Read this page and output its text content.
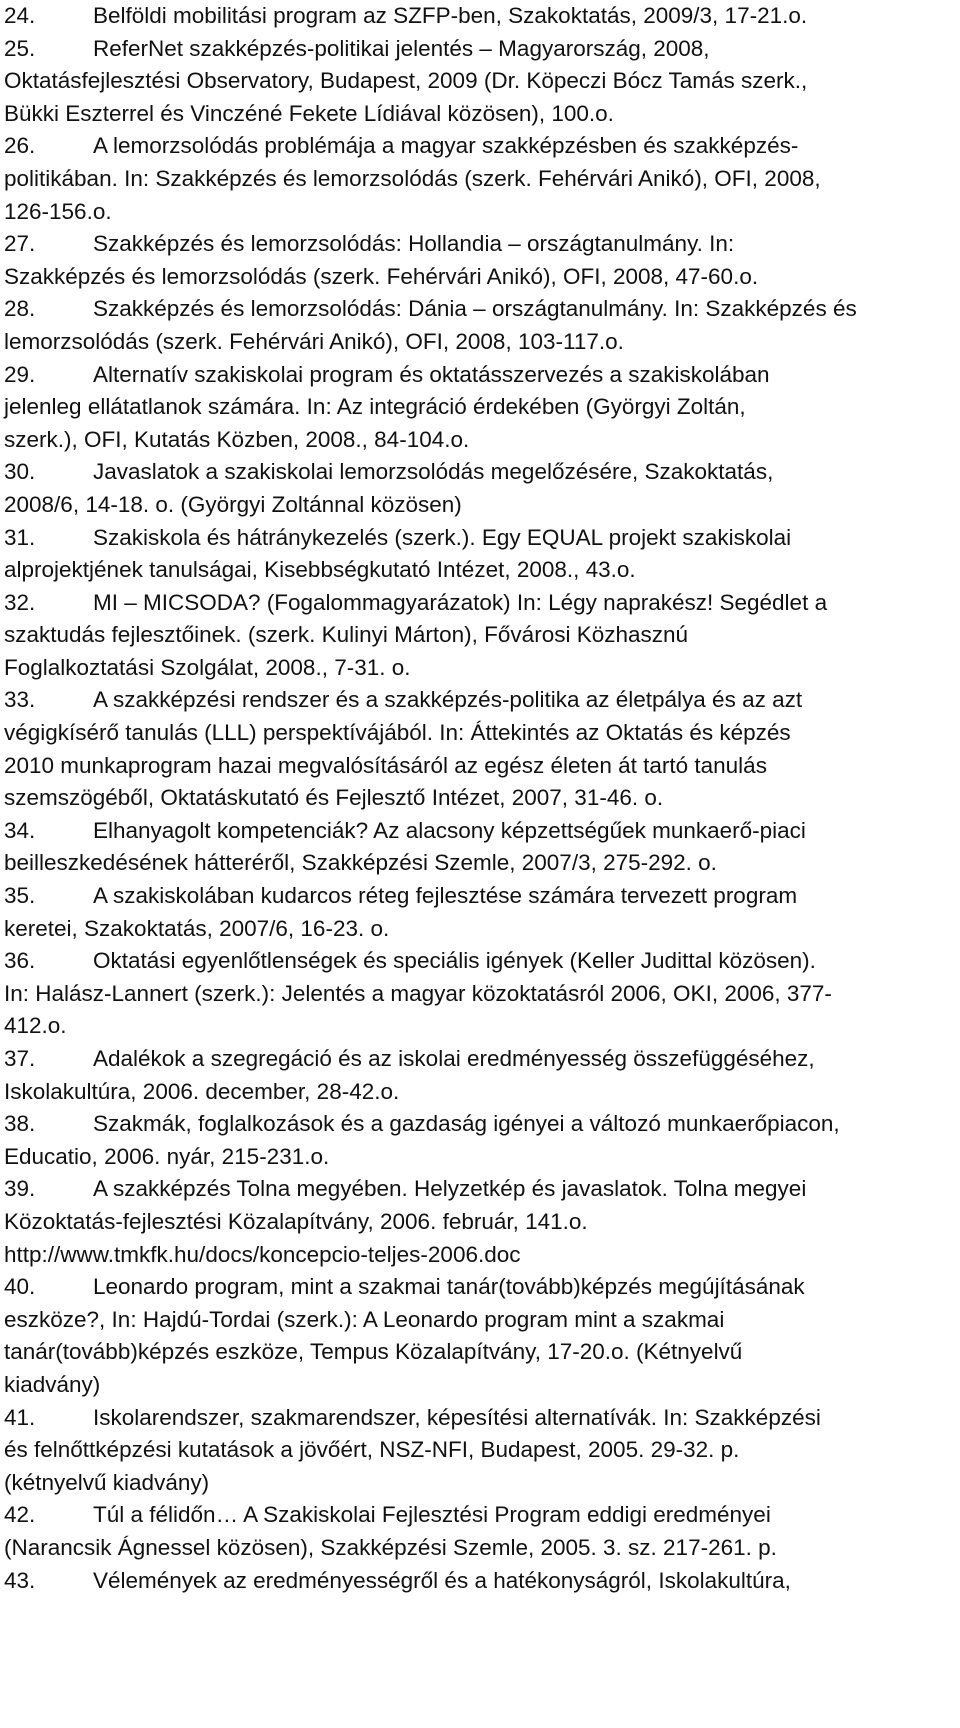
24.	Belföldi mobilitási program az SZFP-ben, Szakoktatás, 2009/3, 17-21.o.
25.	ReferNet szakképzés-politikai jelentés – Magyarország, 2008,
Oktatásfejlesztési Observatory, Budapest, 2009 (Dr. Köpeczi Bócz Tamás szerk.,
Bükki Eszterrel és Vinczéné Fekete Lídiával közösen), 100.o.
26.	A lemorzsolódás problémája a magyar szakképzésben és szakképzés-
politikában. In: Szakképzés és lemorzsolódás (szerk. Fehérvári Anikó), OFI, 2008,
126-156.o.
27.	Szakképzés és lemorzsolódás: Hollandia – országtanulmány. In:
Szakképzés és lemorzsolódás (szerk. Fehérvári Anikó), OFI, 2008, 47-60.o.
28.	Szakképzés és lemorzsolódás: Dánia – országtanulmány. In: Szakképzés és
lemorzsolódás (szerk. Fehérvári Anikó), OFI, 2008, 103-117.o.
29.	Alternatív szakiskolai program és oktatásszervezés a szakiskolában
jelenleg ellátatlanok számára. In: Az integráció érdekében (Györgyi Zoltán,
szerk.), OFI, Kutatás Közben, 2008., 84-104.o.
30.	Javaslatok a szakiskolai lemorzsolódás megelőzésére, Szakoktatás,
2008/6, 14-18. o. (Györgyi Zoltánnal közösen)
31.	Szakiskola és hátránykezelés (szerk.). Egy EQUAL projekt szakiskolai
alprojektjének tanulságai, Kisebbségkutató Intézet, 2008., 43.o.
32.	MI – MICSODA? (Fogalommagyarázatok) In: Légy naprakész! Segédlet a
szaktudás fejlesztőinek. (szerk. Kulinyi Márton), Fővárosi Közhasznú
Foglalkoztatási Szolgálat, 2008., 7-31. o.
33.	A szakképzési rendszer és a szakképzés-politika az életpálya és az azt
végigkísérő tanulás (LLL) perspektívájából. In: Áttekintés az Oktatás és képzés
2010 munkaprogram hazai megvalósításáról az egész életen át tartó tanulás
szemszögéből, Oktatáskutató és Fejlesztő Intézet, 2007, 31-46. o.
34.	Elhanyagolt kompetenciák? Az alacsony képzettségűek munkaerő-piaci
beilleszkedésének hátteréről, Szakképzési Szemle, 2007/3, 275-292. o.
35.	A szakiskolában kudarcos réteg fejlesztése számára tervezett program
keretei, Szakoktatás, 2007/6, 16-23. o.
36.	Oktatási egyenlőtlenségek és speciális igények (Keller Judittal közösen).
In: Halász-Lannert (szerk.): Jelentés a magyar közoktatásról 2006, OKI, 2006, 377-
412.o.
37.	Adalékok a szegregáció és az iskolai eredményesség összefüggéséhez,
Iskolakultúra, 2006. december, 28-42.o.
38.	Szakmák, foglalkozások és a gazdaság igényei a változó munkaerőpiacon,
Educatio, 2006. nyár, 215-231.o.
39.	A szakképzés Tolna megyében. Helyzetkép és javaslatok. Tolna megyei
Közoktatás-fejlesztési Közalapítvány, 2006. február, 141.o.
http://www.tmkfk.hu/docs/koncepcio-teljes-2006.doc
40.	Leonardo program, mint a szakmai tanár(tovább)képzés megújításának
eszköze?, In: Hajdú-Tordai (szerk.): A Leonardo program mint a szakmai
tanár(tovább)képzés eszköze, Tempus Közalapítvány, 17-20.o. (Kétnyelvű
kiadvány)
41.	Iskolarendszer, szakmarendszer, képesítési alternatívák. In: Szakképzési
és felnőttképzési kutatások a jövőért, NSZ-NFI, Budapest, 2005. 29-32. p.
(kétnyelvű kiadvány)
42.	Túl a félidőn… A Szakiskolai Fejlesztési Program eddigi eredményei
(Narancsik Ágnessel közösen), Szakképzési Szemle, 2005. 3. sz. 217-261. p.
43.	Vélemények az eredményességről és a hatékonyságról, Iskolakultúra,
